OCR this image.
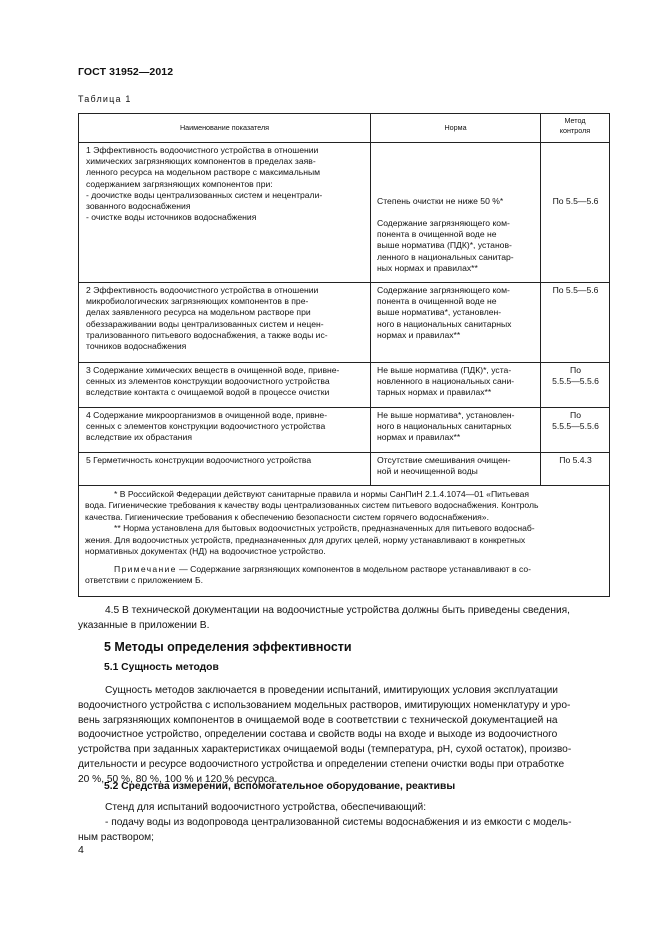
ГОСТ 31952—2012
Таблица 1
Наименование показателя	Норма

Метод

контроля

1 Эффективность водоочистного устройства в отношении

химических загрязняющих компонентов в пределах заяв-

ленного ресурса на модельном растворе с максимальным

содержанием загрязняющих компонентов при:

- доочистке воды централизованных систем и нецентрали-

зованного водоснабжения

- очистке воды источников водоснабжения

Степень очистки не ниже 50 %*

Содержание загрязняющего ком-

понента в очищенной воде не

выше норматива (ПДК)*, установ-

ленного в национальных санитар-

ных нормах и правилах**

По 5.5—5.6

2 Эффективность водоочистного устройства в отношении

микробиологических загрязняющих компонентов в пре-

делах заявленного ресурса на модельном растворе при

обеззараживании воды централизованных систем и нецен-

трализованного питьевого водоснабжения, а также воды ис-

точников водоснабжения

Содержание загрязняющего ком-

понента в очищенной воде не

выше норматива*, установлен-

ного в национальных санитарных

нормах и правилах**

По 5.5—5.6

3 Содержание химических веществ в очищенной воде, привне-

сенных из элементов конструкции водоочистного устройства

вследствие контакта с очищаемой водой в процессе очистки

Не выше норматива (ПДК)*, уста-

новленного в национальных сани-

тарных нормах и правилах**

По

5.5.5—5.5.6

4 Содержание микроорганизмов в очищенной воде, привне-

сенных с элементов конструкции водоочистного устройства

вследствие их обрастания

Не выше норматива*, установлен-

ного в национальных санитарных

нормах и правилах**

По

5.5.5—5.5.6

5 Герметичность конструкции водоочистного устройства	Отсутствие смешивания очищен-

ной и неочищенной воды

По 5.4.3

* В Российской Федерации действуют санитарные правила и нормы СанПиН 2.1.4.1074—01 «Питьевая

вода. Гигиенические требования к качеству воды централизованных систем питьевого водоснабжения. Контроль

качества. Гигиенические требования к обеспечению безопасности систем горячего водоснабжения».

** Норма установлена для бытовых водоочистных устройств, предназначенных для питьевого водоснаб-

жения. Для водоочистных устройств, предназначенных для других целей, норму устанавливают в конкретных

нормативных документах (НД) на водоочистное устройство.

Примечание — Содержание загрязняющих компонентов в модельном растворе устанавливают в со-

ответствии с приложением Б.

4.5 В технической документации на водоочистные устройства должны быть приведены сведения,

указанные в приложении В.

5 Методы определения эффективности
5.1 Сущность методов

Сущность методов заключается в проведении испытаний, имитирующих условия эксплуатации

водоочистного устройства с использованием модельных растворов, имитирующих номенклатуру и уро-

вень загрязняющих компонентов в очищаемой воде в соответствии с технической документацией на

водоочистное устройство, определении состава и свойств воды на входе и выходе из водоочистного

устройства при заданных характеристиках очищаемой воды (температура, рН, сухой остаток), произво-

дительности и ресурсе водоочистного устройства и определении степени очистки воды при отработке

20 %, 50 %, 80 %, 100 % и 120 % ресурса.

5.2 Средства измерений, вспомогательное оборудование, реактивы

Стенд для испытаний водоочистного устройства, обеспечивающий:

- подачу воды из водопровода централизованной системы водоснабжения и из емкости с модель-

ным раствором;

4
